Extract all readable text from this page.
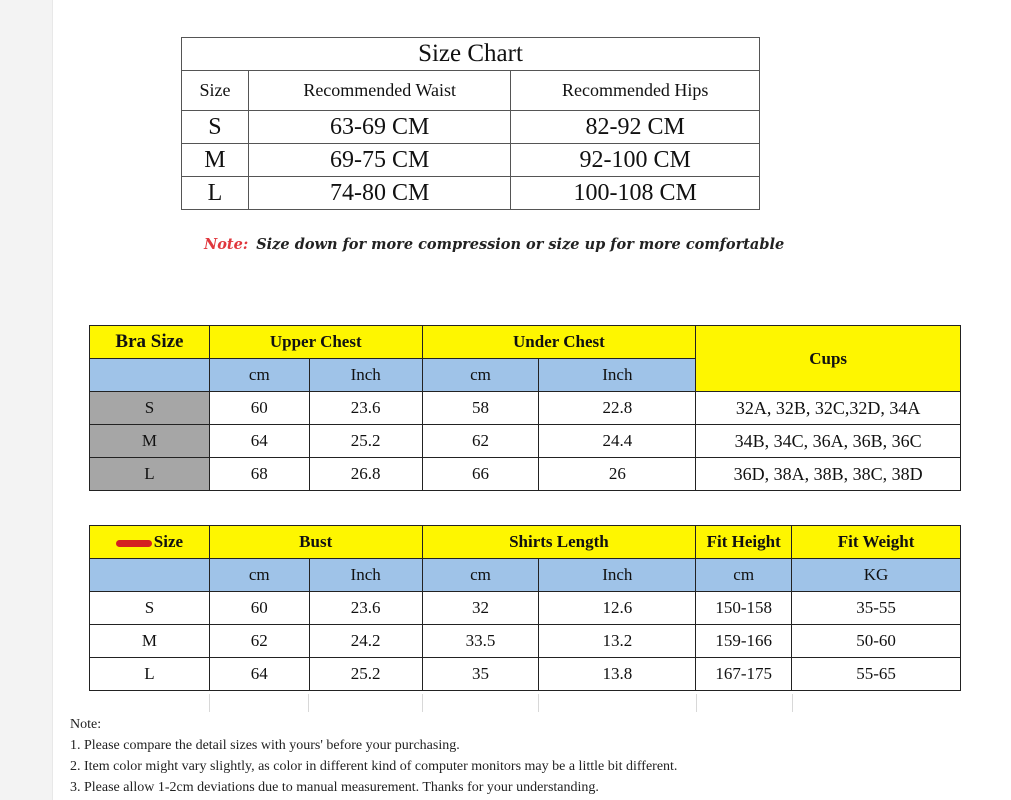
Size Chart		
Size	Recommended Waist	Recommended Hips
S	63-69 CM	82-92 CM
M	69-75 CM	92-100 CM
L	74-80 CM	100-108 CM
Note: Size down for more compression or size up for more comfortable
Bra Size	Upper Chest		Under Chest		Cups
	cm	Inch	cm	Inch	
S	60	23.6	58	22.8	32A, 32B, 32C,32D, 34A
M	64	25.2	62	24.4	34B, 34C, 36A, 36B, 36C
L	68	26.8	66	26	36D, 38A, 38B, 38C, 38D
Size	Bust		Shirts Length		Fit Height	Fit Weight
	cm	Inch	cm	Inch	cm	KG
S	60	23.6	32	12.6	150-158	35-55
M	62	24.2	33.5	13.2	159-166	50-60
L	64	25.2	35	13.8	167-175	55-65
Note:
1. Please compare the detail sizes with yours' before your purchasing.
2. Item color might vary slightly, as color in different kind of computer monitors may be a little bit different.
3. Please allow 1-2cm deviations due to manual measurement. Thanks for your understanding.
